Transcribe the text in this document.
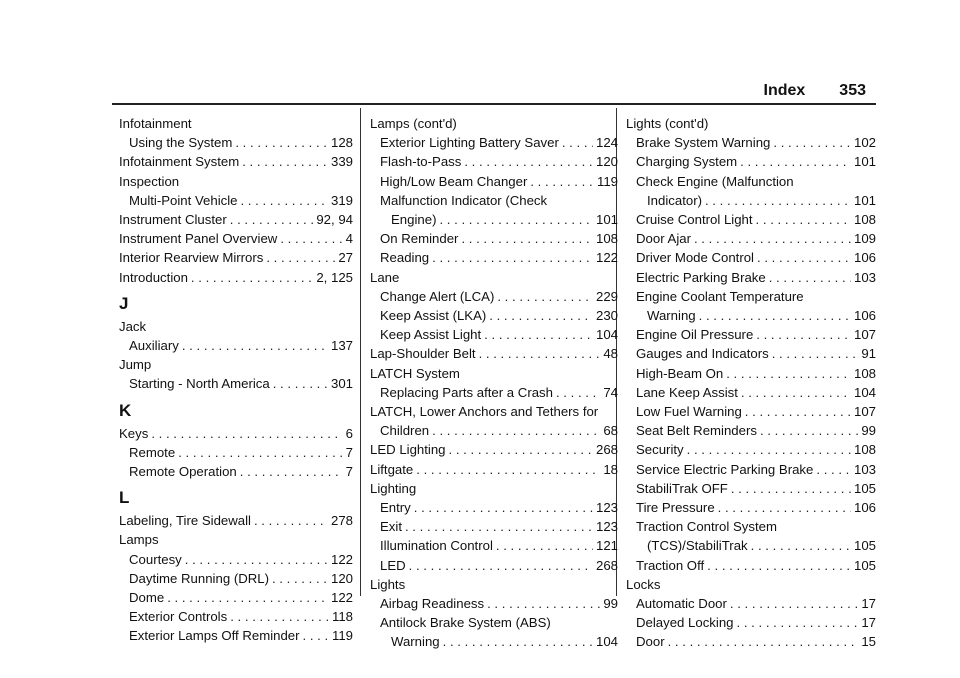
Index 353
Infotainment
Using the System . . .	128
Infotainment System . . .	339
Inspection
Multi-Point Vehicle . . .	319
Instrument Cluster . . .	92, 94
Instrument Panel Overview . . .	4
Interior Rearview Mirrors . . .	27
Introduction . . .	2, 125
J
Jack
Auxiliary . . .	137
Jump
Starting - North America . . .	301
K
Keys . . .	6
Remote . . .	7
Remote Operation . . .	7
L
Labeling, Tire Sidewall . . .	278
Lamps
Courtesy . . .	122
Daytime Running (DRL) . . .	120
Dome . . .	122
Exterior Controls . . .	118
Exterior Lamps Off Reminder . . . 119
Lamps (cont'd)
Exterior Lighting Battery Saver . . .	124
Flash-to-Pass . . .	120
High/Low Beam Changer . . .	119
Malfunction Indicator (Check
Engine) . . .	101
On Reminder . . .	108
Reading . . .	122
Lane
Change Alert (LCA) . . .	229
Keep Assist (LKA) . . .	230
Keep Assist Light . . .	104
Lap-Shoulder Belt . . .	48
LATCH System
Replacing Parts after a Crash . . .	74
LATCH, Lower Anchors and Tethers for
Children . . .	68
LED Lighting . . .	268
Liftgate . . .	18
Lighting
Entry . . .	123
Exit . . .	123
Illumination Control . . .	121
LED . . .	268
Lights
Airbag Readiness . . .	99
Antilock Brake System (ABS)
Warning . . .	104
Lights (cont'd)
Brake System Warning . . .	102
Charging System . . .	101
Check Engine (Malfunction
Indicator) . . .	101
Cruise Control Light . . .	108
Door Ajar . . .	109
Driver Mode Control . . .	106
Electric Parking Brake . . .	103
Engine Coolant Temperature
Warning . . .	106
Engine Oil Pressure . . .	107
Gauges and Indicators . . .	91
High-Beam On . . .	108
Lane Keep Assist . . .	104
Low Fuel Warning . . .	107
Seat Belt Reminders . . .	99
Security . . .	108
Service Electric Parking Brake . . .	103
StabiliTrak OFF . . .	105
Tire Pressure . . .	106
Traction Control System
(TCS)/StabiliTrak . . .	105
Traction Off . . .	105
Locks
Automatic Door . . .	17
Delayed Locking . . .	17
Door . . .	15
